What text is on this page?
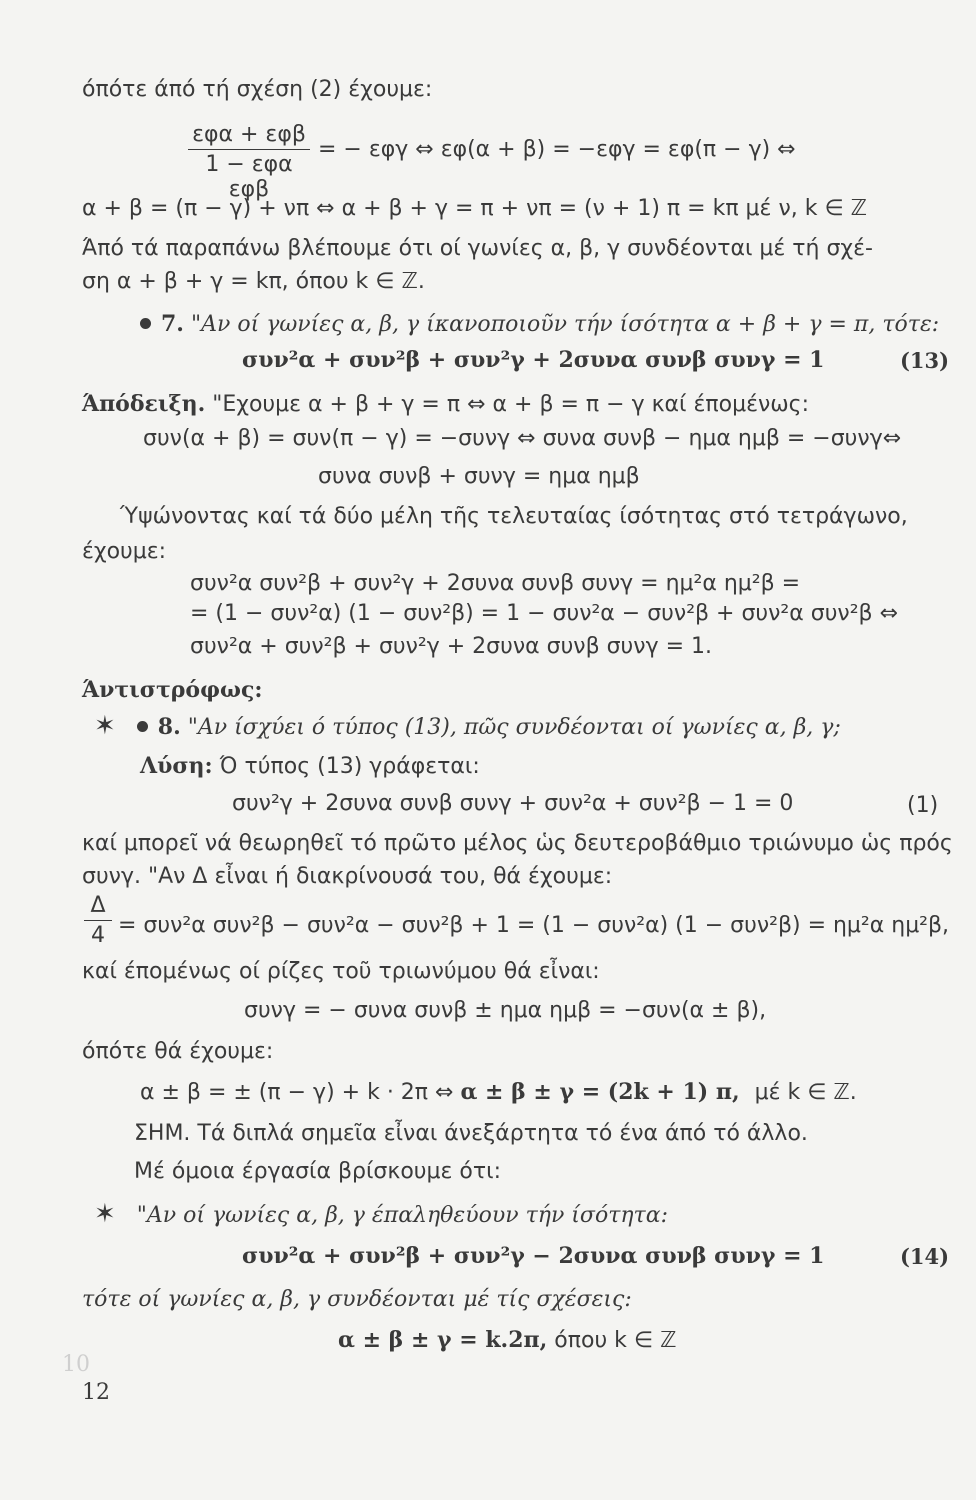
όπότε άπό τή σχέση (2) έχουμε:
εφα + εφβ
1 − εφα εφβ
= − εφγ ⇔ εφ(α + β) = −εφγ = εφ(π − γ) ⇔
α + β = (π − γ) + νπ ⇔ α + β + γ = π + νπ = (ν + 1) π = kπ μέ ν, k ∈ ℤ
Άπό τά παραπάνω βλέπουμε ότι οί γωνίες α, β, γ συνδέονται μέ τή σχέ-
ση α + β + γ = kπ, όπου k ∈ ℤ.
7. "Αν οί γωνίες α, β, γ ίκανοποιοῦν τήν ίσότητα α + β + γ = π, τότε:
συν²α + συν²β + συν²γ + 2συνα συνβ συνγ = 1	(13)
Άπόδειξη. "Εχουμε α + β + γ = π ⇔ α + β = π − γ καί έπομένως:
συν(α + β) = συν(π − γ) = −συνγ ⇔ συνα συνβ − ημα ημβ = −συνγ⇔
συνα συνβ + συνγ = ημα ημβ
Ύψώνοντας καί τά δύο μέλη τῆς τελευταίας ίσότητας στό τετράγωνο,
έχουμε:
συν²α συν²β + συν²γ + 2συνα συνβ συνγ = ημ²α ημ²β =
= (1 − συν²α) (1 − συν²β) = 1 − συν²α − συν²β + συν²α συν²β ⇔
συν²α + συν²β + συν²γ + 2συνα συνβ συνγ = 1.
Άντιστρόφως:
✶ 8. "Αν ίσχύει ό τύπος (13), πῶς συνδέονται οί γωνίες α, β, γ;
Λύση: Ό τύπος (13) γράφεται:
συν²γ + 2συνα συνβ συνγ + συν²α + συν²β − 1 = 0	(1)
καί μπορεῖ νά θεωρηθεῖ τό πρῶτο μέλος ὡς δευτεροβάθμιο τριώνυμο ὡς πρός
συνγ. "Αν Δ εἶναι ή διακρίνουσά του, θά έχουμε:
Δ
4 = συν²α συν²β − συν²α − συν²β + 1 = (1 − συν²α) (1 − συν²β) = ημ²α ημ²β,
καί έπομένως οί ρίζες τοῦ τριωνύμου θά εἶναι:
συνγ = − συνα συνβ ± ημα ημβ = −συν(α ± β),
όπότε θά έχουμε:
α ± β = ± (π − γ) + k · 2π ⇔ α ± β ± γ = (2k + 1) π, μέ k ∈ ℤ.
ΣΗΜ. Τά διπλά σημεῖα εἶναι άνεξάρτητα τό ένα άπό τό άλλο.
Μέ όμοια έργασία βρίσκουμε ότι:
✶ "Αν οί γωνίες α, β, γ έπαληθεύουν τήν ίσότητα:
συν²α + συν²β + συν²γ − 2συνα συνβ συνγ = 1	(14)
τότε οί γωνίες α, β, γ συνδέονται μέ τίς σχέσεις:
α ± β ± γ = k.2π, όπου k ∈ ℤ
10
12
